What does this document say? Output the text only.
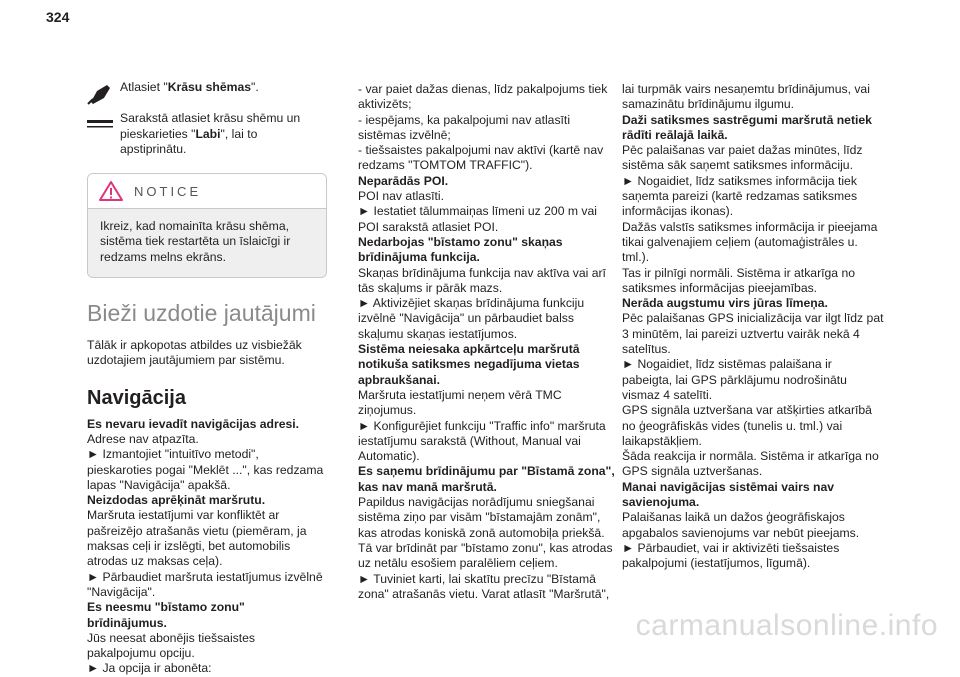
324

Atlasiet "Krāsu shēmas".

Sarakstā atlasiet krāsu shēmu un pieskarieties "Labi", lai to apstiprinātu.

NOTICE

Ikreiz, kad nomainīta krāsu shēma, sistēma tiek restartēta un īslaicīgi ir redzams melns ekrāns.

Bieži uzdotie jautājumi

Tālāk ir apkopotas atbildes uz visbiežāk uzdotajiem jautājumiem par sistēmu.

Navigācija

Es nevaru ievadīt navigācijas adresi.

Adrese nav atpazīta.
► Izmantojiet "intuitīvo metodi", pieskaroties pogai "Meklēt ...", kas redzama lapas "Navigācija" apakšā.

Neizdodas aprēķināt maršrutu.

Maršruta iestatījumi var konfliktēt ar pašreizējo atrašanās vietu (piemēram, ja maksas ceļi ir izslēgti, bet automobilis atrodas uz maksas ceļa).
► Pārbaudiet maršruta iestatījumus izvēlnē "Navigācija".

Es neesmu "bīstamo zonu" brīdinājumus.

Jūs neesat abonējis tiešsaistes pakalpojumu opciju.
► Ja opcija ir abonēta:

- var paiet dažas dienas, līdz pakalpojums tiek aktivizēts;
- iespējams, ka pakalpojumi nav atlasīti sistēmas izvēlnē;
- tiešsaistes pakalpojumi nav aktīvi (kartē nav redzams "TOMTOM TRAFFIC").

Neparādās POI.

POI nav atlasīti.
► Iestatiet tālummaiņas līmeni uz 200 m vai POI sarakstā atlasiet POI.

Nedarbojas "bīstamo zonu" skaņas brīdinājuma funkcija.

Skaņas brīdinājuma funkcija nav aktīva vai arī tās skaļums ir pārāk mazs.
► Aktivizējiet skaņas brīdinājuma funkciju izvēlnē "Navigācija" un pārbaudiet balss skaļumu skaņas iestatījumos.

Sistēma neiesaka apkārtceļu maršrutā notikuša satiksmes negadījuma vietas apbraukšanai.

Maršruta iestatījumi neņem vērā TMC ziņojumus.
► Konfigurējiet funkciju "Traffic info" maršruta iestatījumu sarakstā (Without, Manual vai Automatic).

Es saņemu brīdinājumu par "Bīstamā zona", kas nav manā maršrutā.

Papildus navigācijas norādījumu sniegšanai sistēma ziņo par visām "bīstamajām zonām", kas atrodas koniskā zonā automobiļa priekšā. Tā var brīdināt par "bīstamo zonu", kas atrodas uz netālu esošiem paralēliem ceļiem.
► Tuviniet karti, lai skatītu precīzu "Bīstamā zona" atrašanās vietu. Varat atlasīt "Maršrutā",

lai turpmāk vairs nesaņemtu brīdinājumus, vai samazinātu brīdinājumu ilgumu.

Daži satiksmes sastrēgumi maršrutā netiek rādīti reālajā laikā.

Pēc palaišanas var paiet dažas minūtes, līdz sistēma sāk saņemt satiksmes informāciju.
► Nogaidiet, līdz satiksmes informācija tiek saņemta pareizi (kartē redzamas satiksmes informācijas ikonas).
Dažās valstīs satiksmes informācija ir pieejama tikai galvenajiem ceļiem (automaģistrāles u. tml.).
Tas ir pilnīgi normāli. Sistēma ir atkarīga no satiksmes informācijas pieejamības.

Nerāda augstumu virs jūras līmeņa.

Pēc palaišanas GPS inicializācija var ilgt līdz pat 3 minūtēm, lai pareizi uztvertu vairāk nekā 4 satelītus.
► Nogaidiet, līdz sistēmas palaišana ir pabeigta, lai GPS pārklājumu nodrošinātu vismaz 4 satelīti.
GPS signāla uztveršana var atšķirties atkarībā no ģeogrāfiskās vides (tunelis u. tml.) vai laikapstākļiem.
Šāda reakcija ir normāla. Sistēma ir atkarīga no GPS signāla uztveršanas.

Manai navigācijas sistēmai vairs nav savienojuma.

Palaišanas laikā un dažos ģeogrāfiskajos apgabalos savienojums var nebūt pieejams.
► Pārbaudiet, vai ir aktivizēti tiešsaistes pakalpojumi (iestatījumos, līgumā).

carmanualsonline.info
